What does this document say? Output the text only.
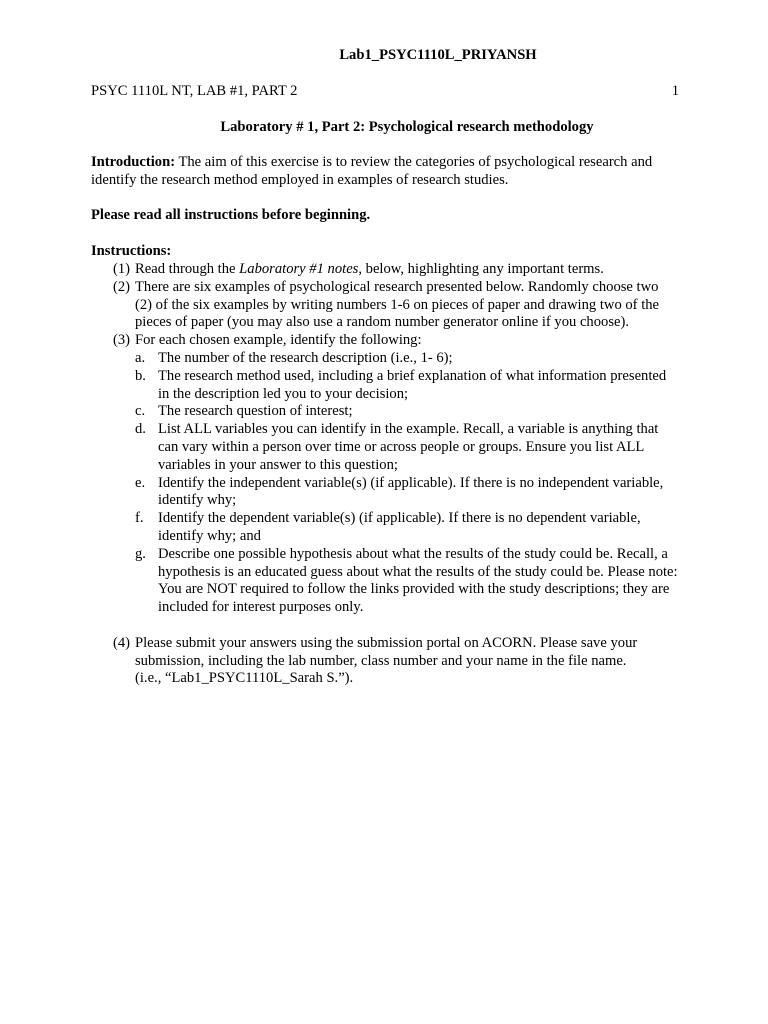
Lab1_PSYC1110L_PRIYANSH
PSYC 1110L NT, LAB #1, PART 2	1
Laboratory # 1, Part 2: Psychological research methodology
Introduction: The aim of this exercise is to review the categories of psychological research and identify the research method employed in examples of research studies.
Please read all instructions before beginning.
Instructions:
(1) Read through the Laboratory #1 notes, below, highlighting any important terms.
(2) There are six examples of psychological research presented below. Randomly choose two (2) of the six examples by writing numbers 1-6 on pieces of paper and drawing two of the pieces of paper (you may also use a random number generator online if you choose).
(3) For each chosen example, identify the following:
a. The number of the research description (i.e., 1- 6);
b. The research method used, including a brief explanation of what information presented in the description led you to your decision;
c. The research question of interest;
d. List ALL variables you can identify in the example. Recall, a variable is anything that can vary within a person over time or across people or groups. Ensure you list ALL variables in your answer to this question;
e. Identify the independent variable(s) (if applicable). If there is no independent variable, identify why;
f. Identify the dependent variable(s) (if applicable). If there is no dependent variable, identify why; and
g. Describe one possible hypothesis about what the results of the study could be. Recall, a hypothesis is an educated guess about what the results of the study could be. Please note: You are NOT required to follow the links provided with the study descriptions; they are included for interest purposes only.
(4) Please submit your answers using the submission portal on ACORN. Please save your submission, including the lab number, class number and your name in the file name.
(i.e., “Lab1_PSYC1110L_Sarah S.”).
